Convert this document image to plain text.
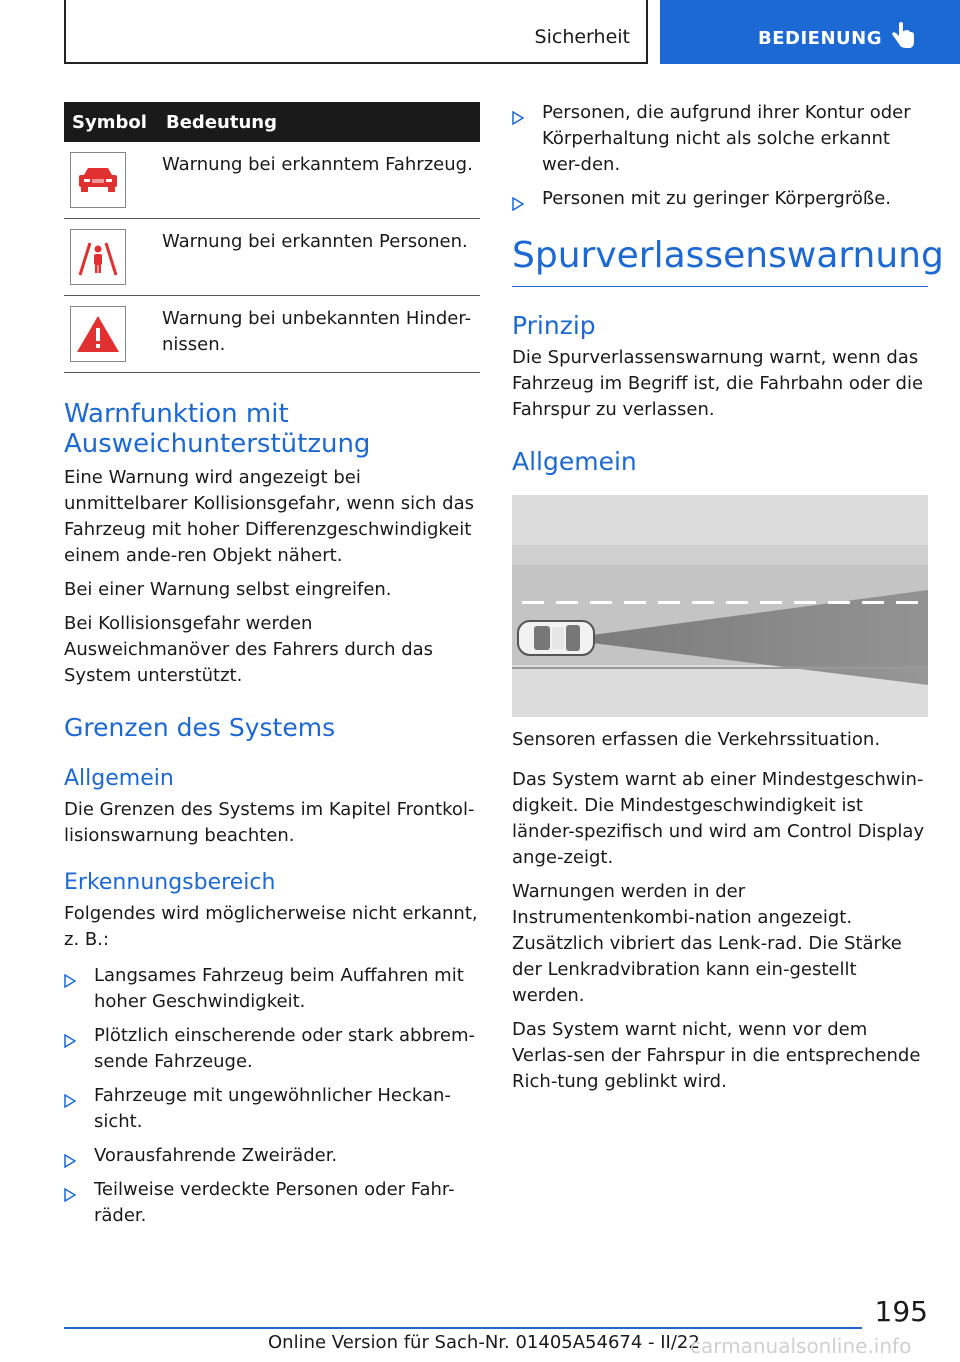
Sicherheit	BEDIENUNG
Symbol	Bedeutung

	Warnung bei erkanntem Fahrzeug.

	Warnung bei erkannten Personen.

	Warnung bei unbekannten Hinder-nissen.
Warnfunktion mit Ausweichunterstützung

Eine Warnung wird angezeigt bei unmittelbarer Kollisionsgefahr, wenn sich das Fahrzeug mit hoher Differenzgeschwindigkeit einem ande-ren Objekt nähert.

Bei einer Warnung selbst eingreifen.

Bei Kollisionsgefahr werden Ausweichmanöver des Fahrers durch das System unterstützt.

Grenzen des Systems
Allgemein

Die Grenzen des Systems im Kapitel Frontkol-lisionswarnung beachten.

Erkennungsbereich

Folgendes wird möglicherweise nicht erkannt, z. B.:

Langsames Fahrzeug beim Auffahren mit hoher Geschwindigkeit.
Plötzlich einscherende oder stark abbrem-sende Fahrzeuge.
Fahrzeuge mit ungewöhnlicher Heckan-sicht.
Vorausfahrende Zweiräder.
Teilweise verdeckte Personen oder Fahr-räder.
Personen, die aufgrund ihrer Kontur oder Körperhaltung nicht als solche erkannt wer-den.
Personen mit zu geringer Körpergröße.
Spurverlassenswarnung
Prinzip

Die Spurverlassenswarnung warnt, wenn das Fahrzeug im Begriff ist, die Fahrbahn oder die Fahrspur zu verlassen.

Allgemein

Sensoren erfassen die Verkehrssituation.

Das System warnt ab einer Mindestgeschwin-digkeit. Die Mindestgeschwindigkeit ist länder-spezifisch und wird am Control Display ange-zeigt.

Warnungen werden in der Instrumentenkombi-nation angezeigt. Zusätzlich vibriert das Lenk-rad. Die Stärke der Lenkradvibration kann ein-gestellt werden.

Das System warnt nicht, wenn vor dem Verlas-sen der Fahrspur in die entsprechende Rich-tung geblinkt wird.

195
Online Version für Sach-Nr. 01405A54674 - II/22
carmanualsonline.info
